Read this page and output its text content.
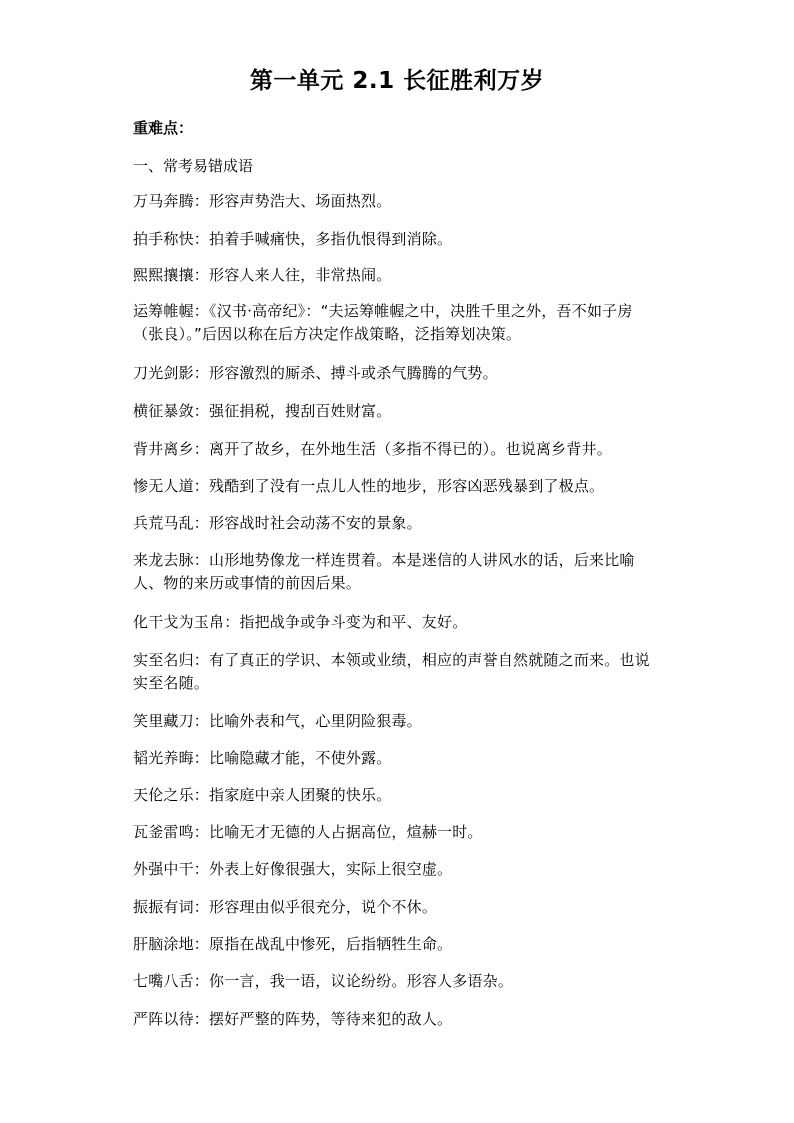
第一单元 2.1 长征胜利万岁
重难点：
一、常考易错成语
万马奔腾：形容声势浩大、场面热烈。
拍手称快：拍着手喊痛快，多指仇恨得到消除。
熙熙攘攘：形容人来人往，非常热闹。
运筹帷幄：《汉书·高帝纪》：“夫运筹帷幄之中，决胜千里之外，吾不如子房（张良）。”后因以称在后方决定作战策略，泛指筹划决策。
刀光剑影：形容激烈的厮杀、搏斗或杀气腾腾的气势。
横征暴敛：强征捐税，搜刮百姓财富。
背井离乡：离开了故乡，在外地生活（多指不得已的）。也说离乡背井。
惨无人道：残酷到了没有一点儿人性的地步，形容凶恶残暴到了极点。
兵荒马乱：形容战时社会动荡不安的景象。
来龙去脉：山形地势像龙一样连贯着。本是迷信的人讲风水的话，后来比喻人、物的来历或事情的前因后果。
化干戈为玉帛：指把战争或争斗变为和平、友好。
实至名归：有了真正的学识、本领或业绩，相应的声誉自然就随之而来。也说实至名随。
笑里藏刀：比喻外表和气，心里阴险狠毒。
韬光养晦：比喻隐藏才能，不使外露。
天伦之乐：指家庭中亲人团聚的快乐。
瓦釜雷鸣：比喻无才无德的人占据高位，煊赫一时。
外强中干：外表上好像很强大，实际上很空虚。
振振有词：形容理由似乎很充分，说个不休。
肝脑涂地：原指在战乱中惨死，后指牺牲生命。
七嘴八舌：你一言，我一语，议论纷纷。形容人多语杂。
严阵以待：摆好严整的阵势，等待来犯的敌人。
